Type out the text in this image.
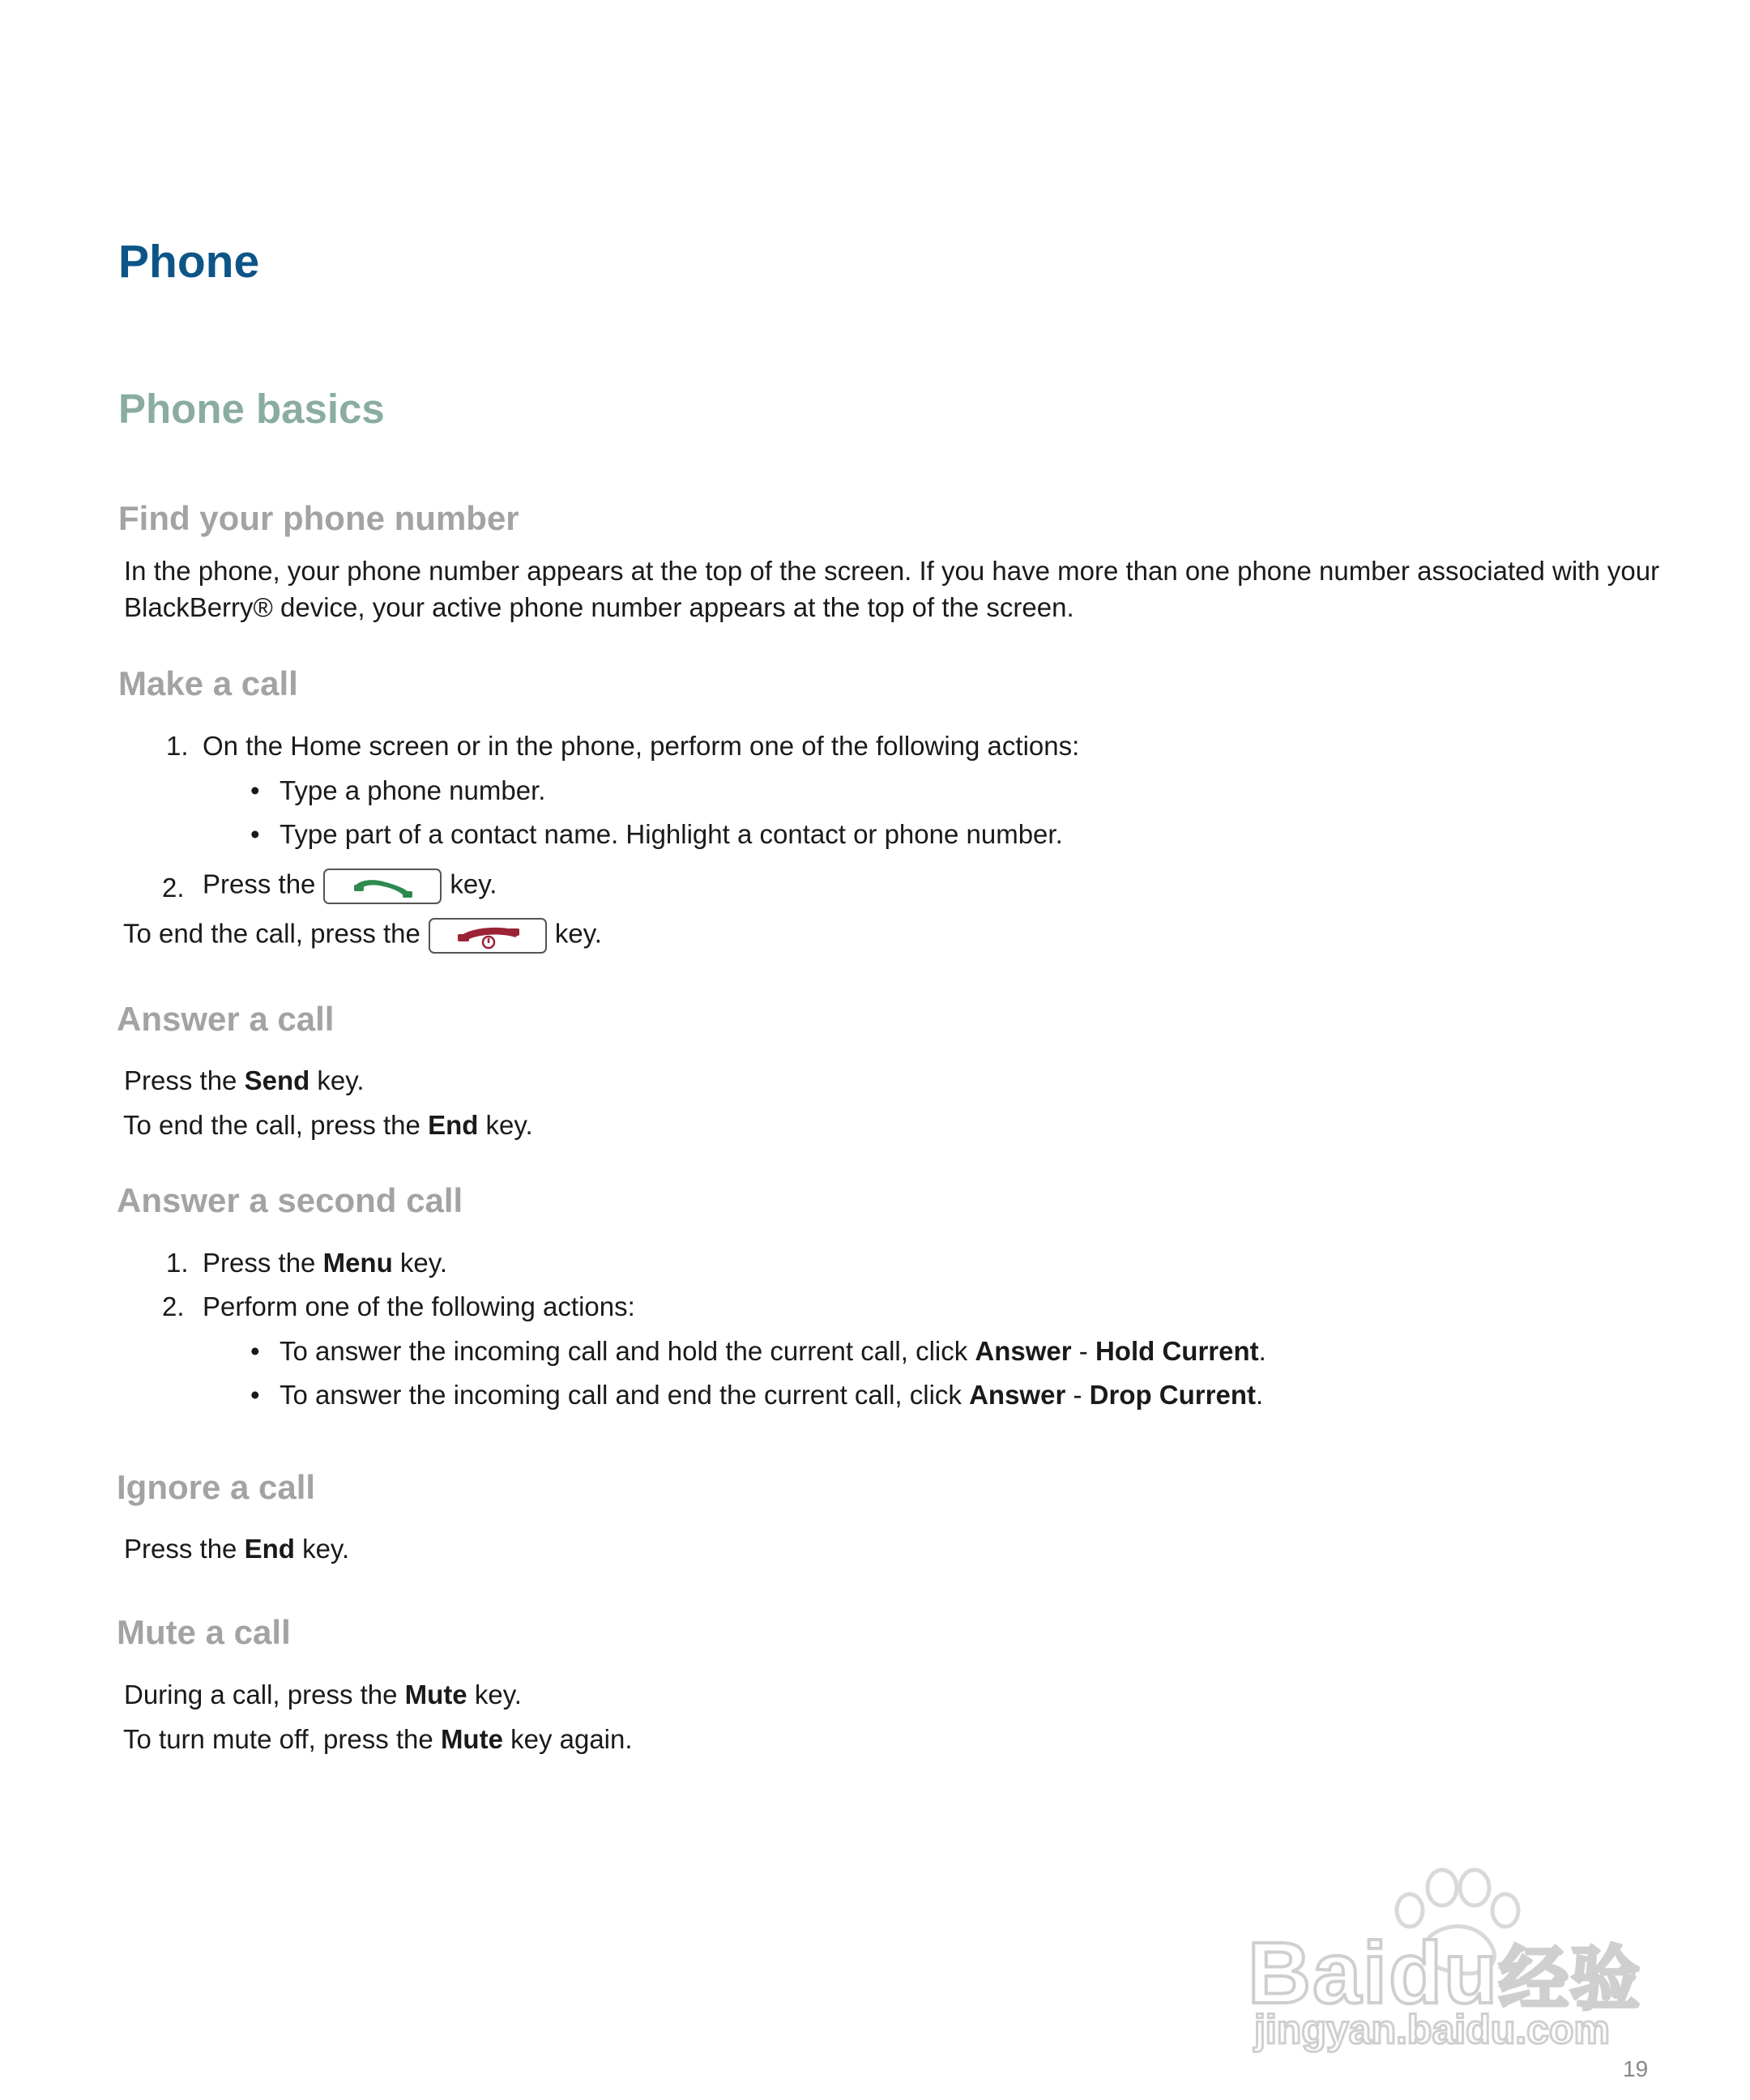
Phone
Phone basics
Find your phone number
In the phone, your phone number appears at the top of the screen. If you have more than one phone number associated with your
BlackBerry® device, your active phone number appears at the top of the screen.
Make a call
1. On the Home screen or in the phone, perform one of the following actions:
• Type a phone number.
• Type part of a contact name. Highlight a contact or phone number.
2. Press the	key.
To end the call, press the	key.
Answer a call
Press the Send key.
To end the call, press the End key.
Answer a second call
1. Press the Menu key.
2. Perform one of the following actions:
• To answer the incoming call and hold the current call, click Answer - Hold Current.
• To answer the incoming call and end the current call, click Answer - Drop Current.
Ignore a call
Press the End key.
Mute a call
During a call, press the Mute key.
To turn mute off, press the Mute key again.
Baidu经验
jingyan.baidu.com
19
